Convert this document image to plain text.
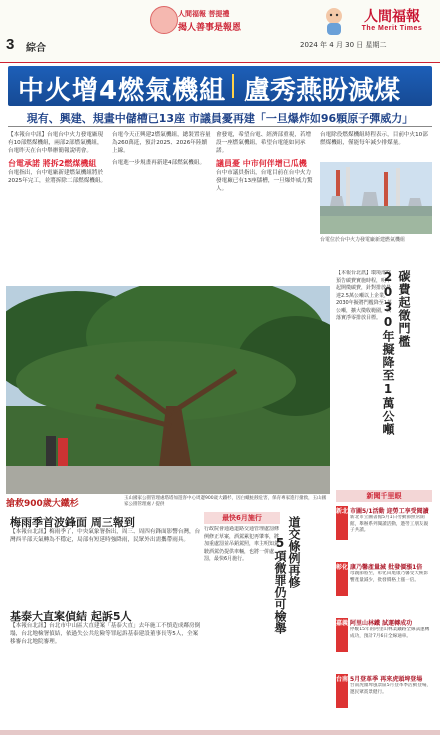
3 綜合
人間福報 菩提禮
揭人善事是報恩
人間福報
The Merit Times
2024 年 4 月 30 日 星期二
中火增4燃氣機組 盧秀燕盼減煤
現有、興建、規畫中儲槽已13座 市議員憂再建「一旦爆炸如96顆原子彈威力」
【本報台中訊】台電台中火力發電廠現有10部燃煤機組，兩部2部燃氣機組，台電昨天在台中舉辦簡報說明會。
台電承諾 將拆2燃煤機組
台電指出，台中電廠新建燃氣機組將於2025年完工，並將拆除二部燃煤機組。
台電今天正興建2燃氣機組，總裝置容量為260萬瓩，預計2025、2026年陸續上線。
台電進一步規畫再新建4部燃氣機組。
會發電，希望台電、經濟部重視，若增設一座燃氣機組，希望台電能如同承諾。
議員憂 中市何伴增已瓜機
台中市議員指出，台電目前在台中火力發電廠已有13座儲槽，一旦爆炸威力驚人。
台電除役燃煤機組時程表示，目前中火10部燃煤機組，僅能每年減少排煤量。
台電位於台中火力發電廠新建燃氣機組
搶救900歲大鐵杉
玉山國家公園管理處塔塔加遊客中心周邊900歲大鐵杉，因白蟻蛀蝕危害，保育專家進行搶救，玉山國家公園管理處 / 提供
碳費起徵門檻
2030年擬降至1萬公噸
【本報台北訊】環境部昨預告碳費實施時程，明年起開徵碳費，針對排放量達2.5萬公噸以上企業，2030年擬將門檻降至1萬公噸，擴大徵收範圍，以落實淨零排放目標。
梅雨季首波鋒面 周三報到
【本報台北訊】梅雨季了，中央氣象署指出，周三、周四有鋒面影響台灣，台灣西半部天氣轉為不穩定，局部有短延時強降雨，民眾外出需攜帶雨具。
基泰大直案偵結 起訴5人
【本報台北訊】台北市中山區大直建案「基泰大直」去年施工不慎造成鄰房倒塌，台北地檢署偵結，依過失公共危險等罪起訴基泰建設董事長等5人，全案移審台北地院審理。
最快6月施行
行政院會通過道路交通管理處罰條例修正草案，酒駕累犯再肇事，將加重處罰並吊銷駕照，車主明知駕駛酒駕仍提供車輛，也將一併處罰，最快6月施行。	道交條例再修
5項微罪仍可檢舉
新聞千里眼
新北 市圖5/1活動 迎勞工享受閱讀
新北市立圖書館5月1日勞動節照常開館，舉辦系列閱讀活動，邀勞工朋友親子共讀。
彰化 康乃馨產量減 批發價漲1倍
母親節將至，彰化田尾康乃馨受天候影響產量減少，批發價格上漲一倍。
嘉義 阿里山林鐵 試運轉成功
停駛15年的阿里山林業鐵路全線試運轉成功，預計7月6日全線通車。
台南 5月登革季 再來虎頭埤登場
台南虎頭埤風景區5月登革季活動登場，邀民眾賞景健行。
